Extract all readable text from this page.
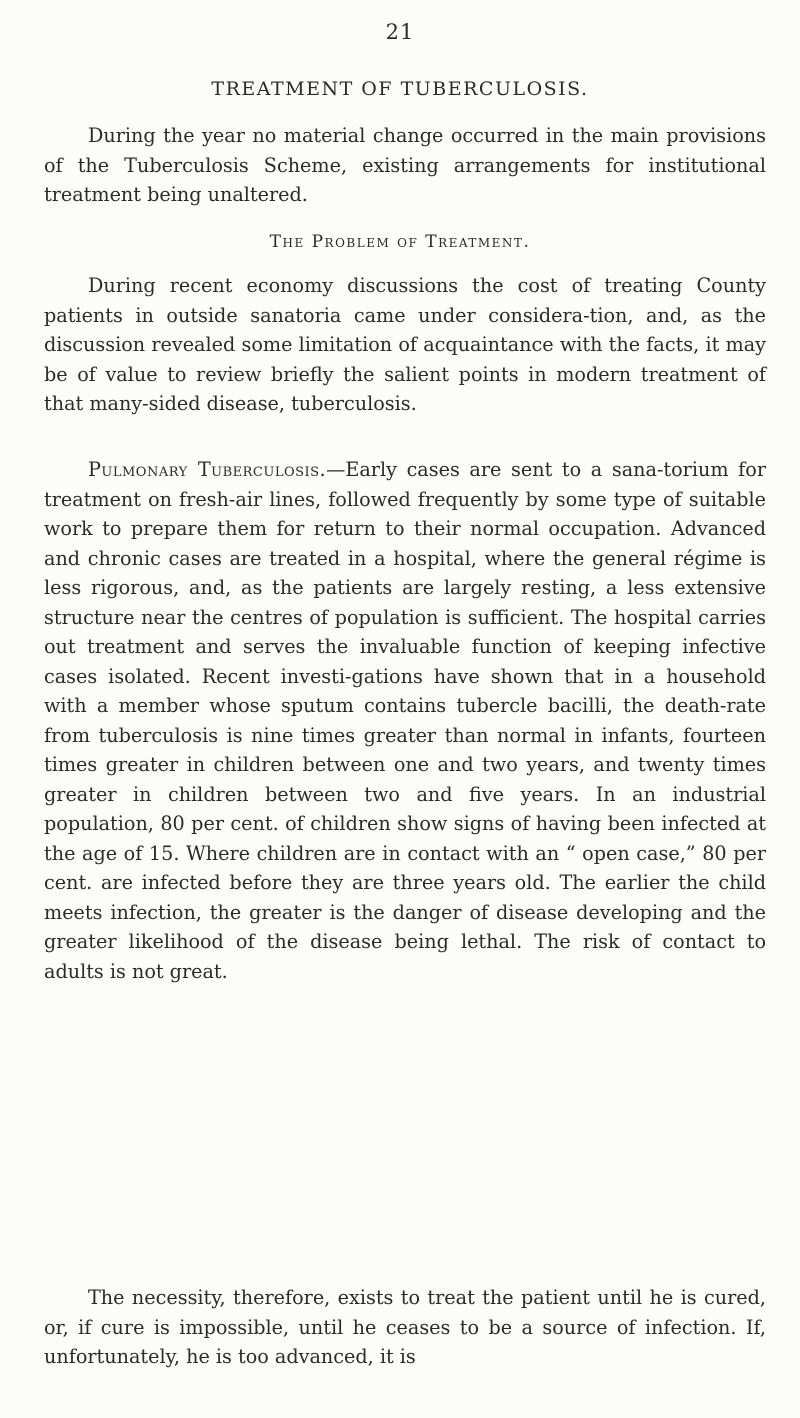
21
TREATMENT OF TUBERCULOSIS.

During the year no material change occurred in the main provisions of the Tuberculosis Scheme, existing arrangements for institutional treatment being unaltered.

The Problem of Treatment.

During recent economy discussions the cost of treating County patients in outside sanatoria came under considera-tion, and, as the discussion revealed some limitation of acquaintance with the facts, it may be of value to review briefly the salient points in modern treatment of that many-sided disease, tuberculosis.

Pulmonary Tuberculosis.—Early cases are sent to a sana-torium for treatment on fresh-air lines, followed frequently by some type of suitable work to prepare them for return to their normal occupation. Advanced and chronic cases are treated in a hospital, where the general régime is less rigorous, and, as the patients are largely resting, a less extensive structure near the centres of population is sufficient. The hospital carries out treatment and serves the invaluable function of keeping infective cases isolated. Recent investi-gations have shown that in a household with a member whose sputum contains tubercle bacilli, the death-rate from tuberculosis is nine times greater than normal in infants, fourteen times greater in children between one and two years, and twenty times greater in children between two and five years. In an industrial population, 80 per cent. of children show signs of having been infected at the age of 15. Where children are in contact with an “ open case,” 80 per cent. are infected before they are three years old. The earlier the child meets infection, the greater is the danger of disease developing and the greater likelihood of the disease being lethal. The risk of contact to adults is not great.

The necessity, therefore, exists to treat the patient until he is cured, or, if cure is impossible, until he ceases to be a source of infection. If, unfortunately, he is too advanced, it is
